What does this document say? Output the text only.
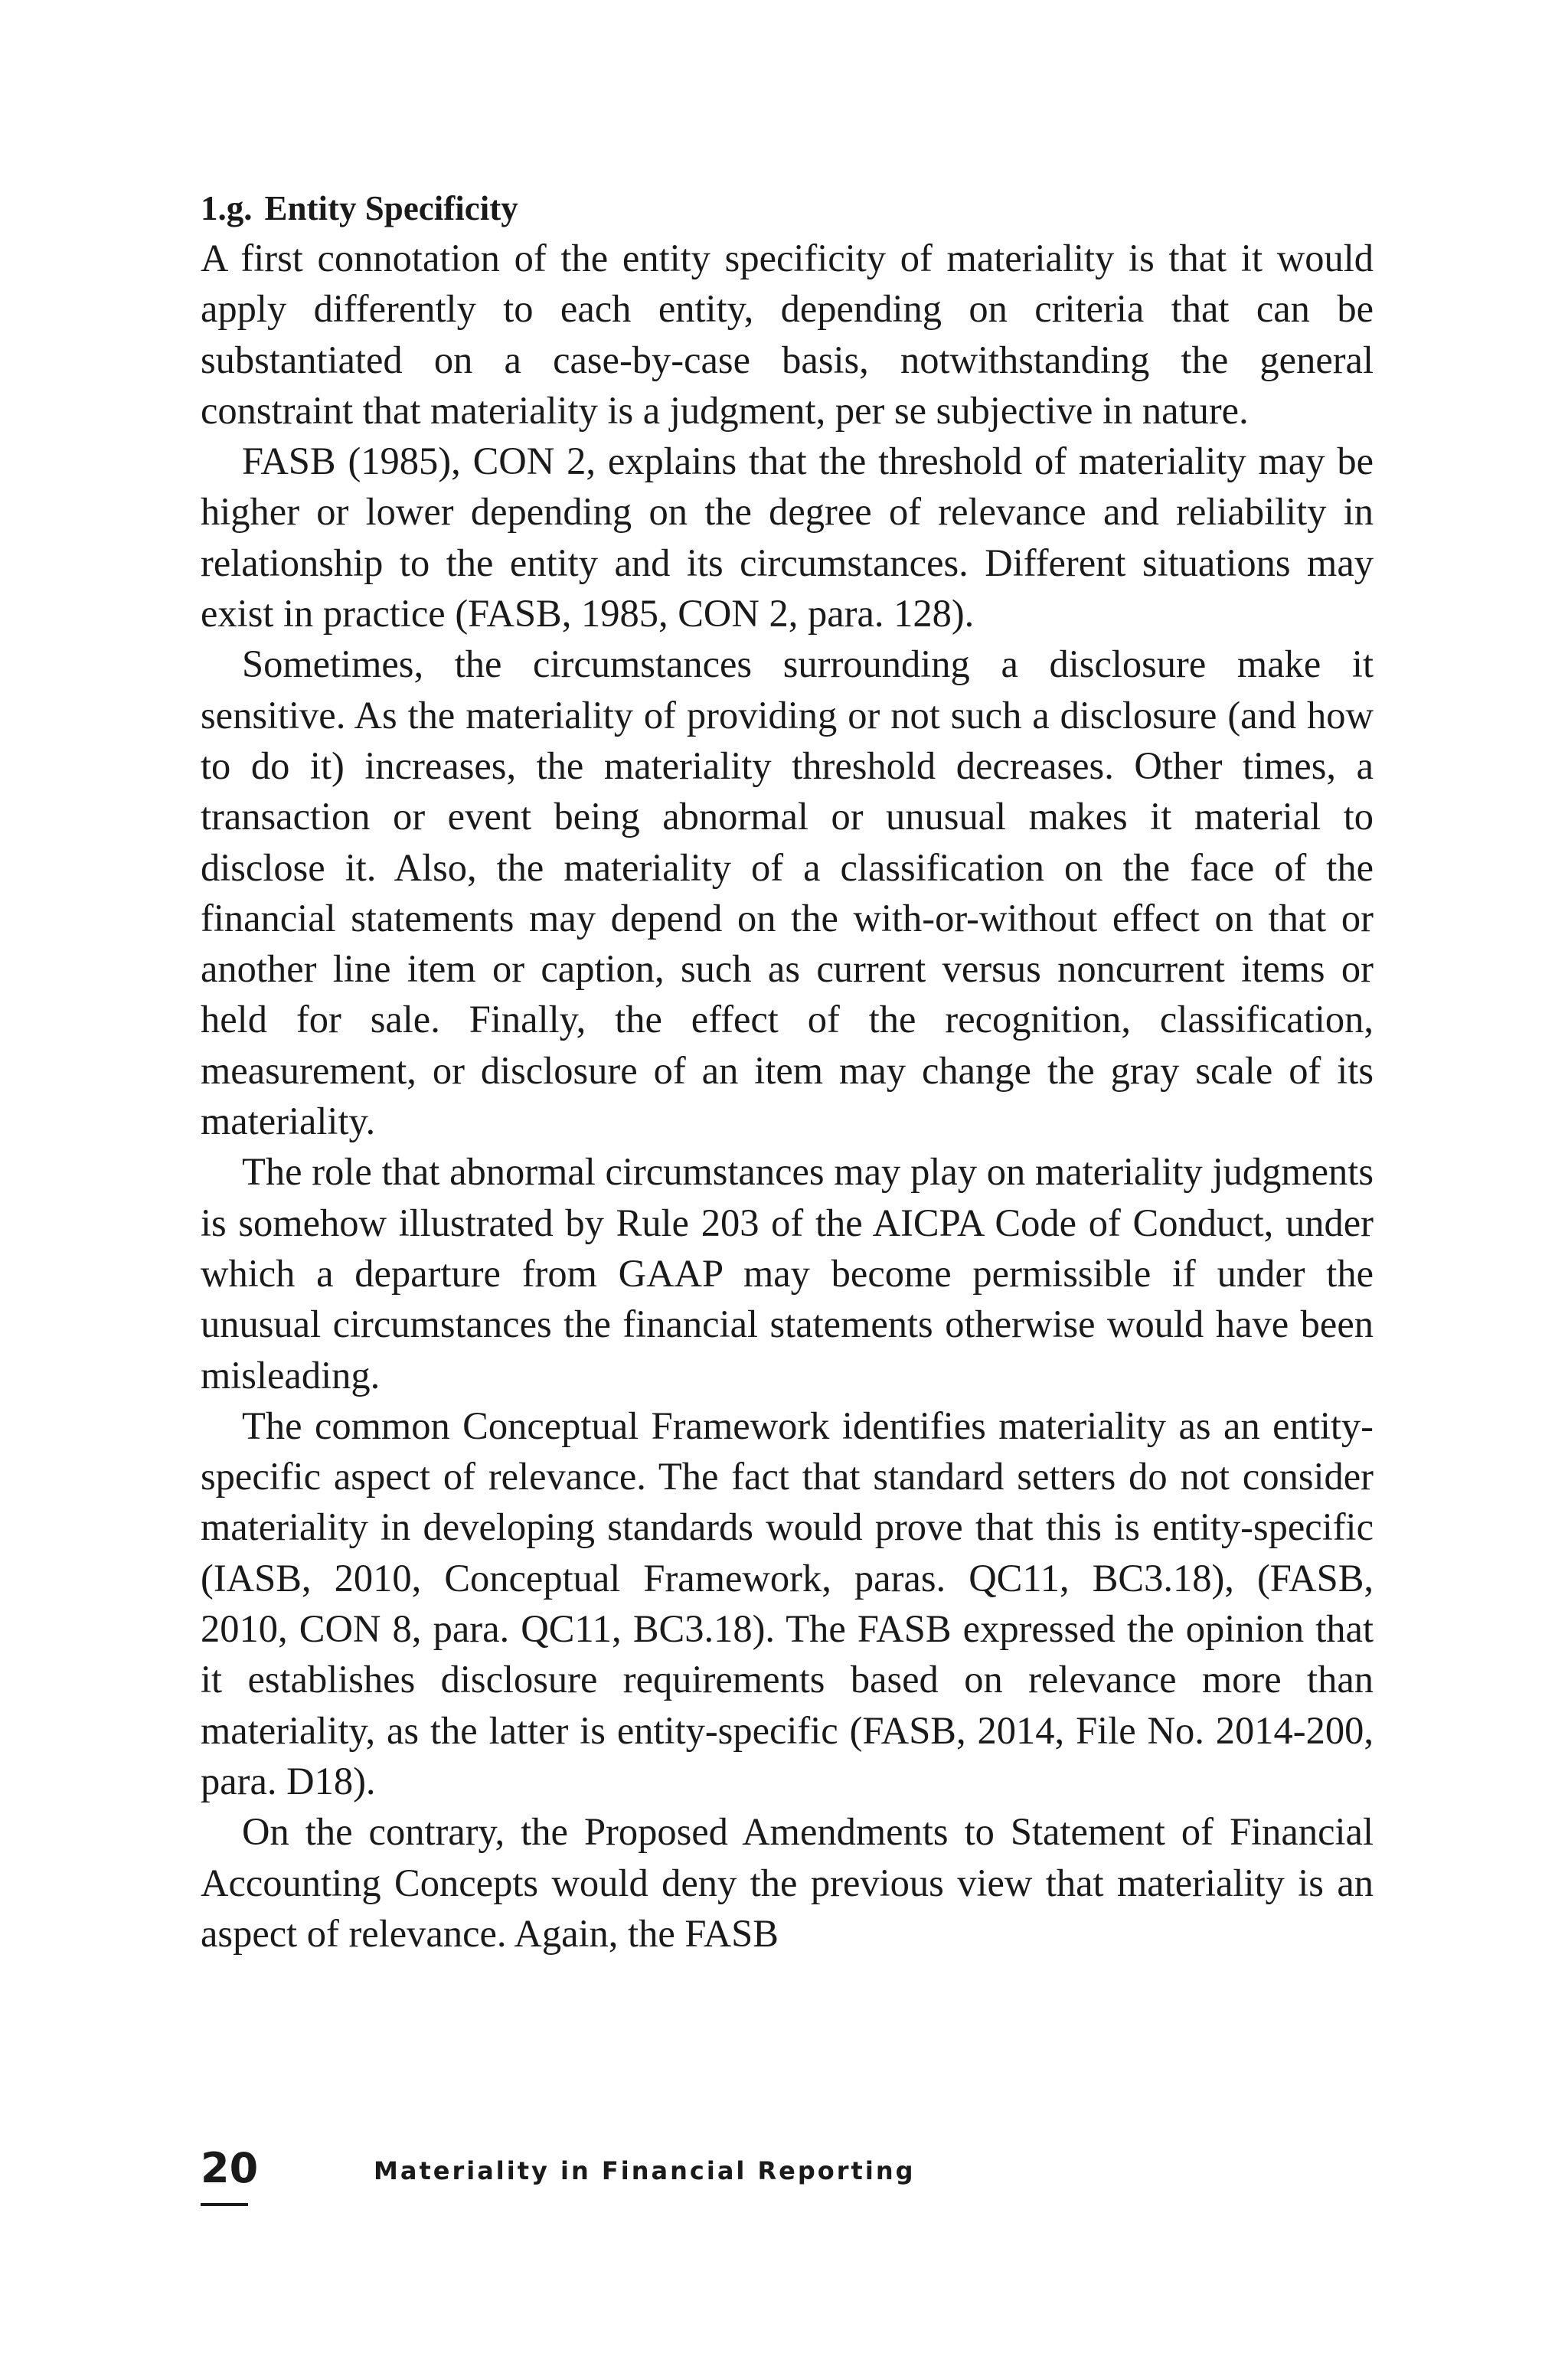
1.g. Entity Specificity

A first connotation of the entity specificity of materiality is that it would apply differently to each entity, depending on criteria that can be substantiated on a case-by-case basis, notwithstanding the general constraint that materiality is a judgment, per se subjective in nature.

FASB (1985), CON 2, explains that the threshold of materiality may be higher or lower depending on the degree of relevance and reliability in relationship to the entity and its circumstances. Different situations may exist in practice (FASB, 1985, CON 2, para. 128).

Sometimes, the circumstances surrounding a disclosure make it sensitive. As the materiality of providing or not such a disclosure (and how to do it) increases, the materiality threshold decreases. Other times, a transaction or event being abnormal or unusual makes it material to disclose it. Also, the materiality of a classification on the face of the financial statements may depend on the with-or-without effect on that or another line item or caption, such as current versus noncurrent items or held for sale. Finally, the effect of the recognition, classification, measurement, or disclosure of an item may change the gray scale of its materiality.

The role that abnormal circumstances may play on materiality judgments is somehow illustrated by Rule 203 of the AICPA Code of Conduct, under which a departure from GAAP may become permissible if under the unusual circumstances the financial statements otherwise would have been misleading.

The common Conceptual Framework identifies materiality as an entity-specific aspect of relevance. The fact that standard setters do not consider materiality in developing standards would prove that this is entity-specific (IASB, 2010, Conceptual Framework, paras. QC11, BC3.18), (FASB, 2010, CON 8, para. QC11, BC3.18). The FASB expressed the opinion that it establishes disclosure requirements based on relevance more than materiality, as the latter is entity-specific (FASB, 2014, File No. 2014-200, para. D18).

On the contrary, the Proposed Amendments to Statement of Financial Accounting Concepts would deny the previous view that materiality is an aspect of relevance. Again, the FASB

20	Materiality in Financial Reporting
